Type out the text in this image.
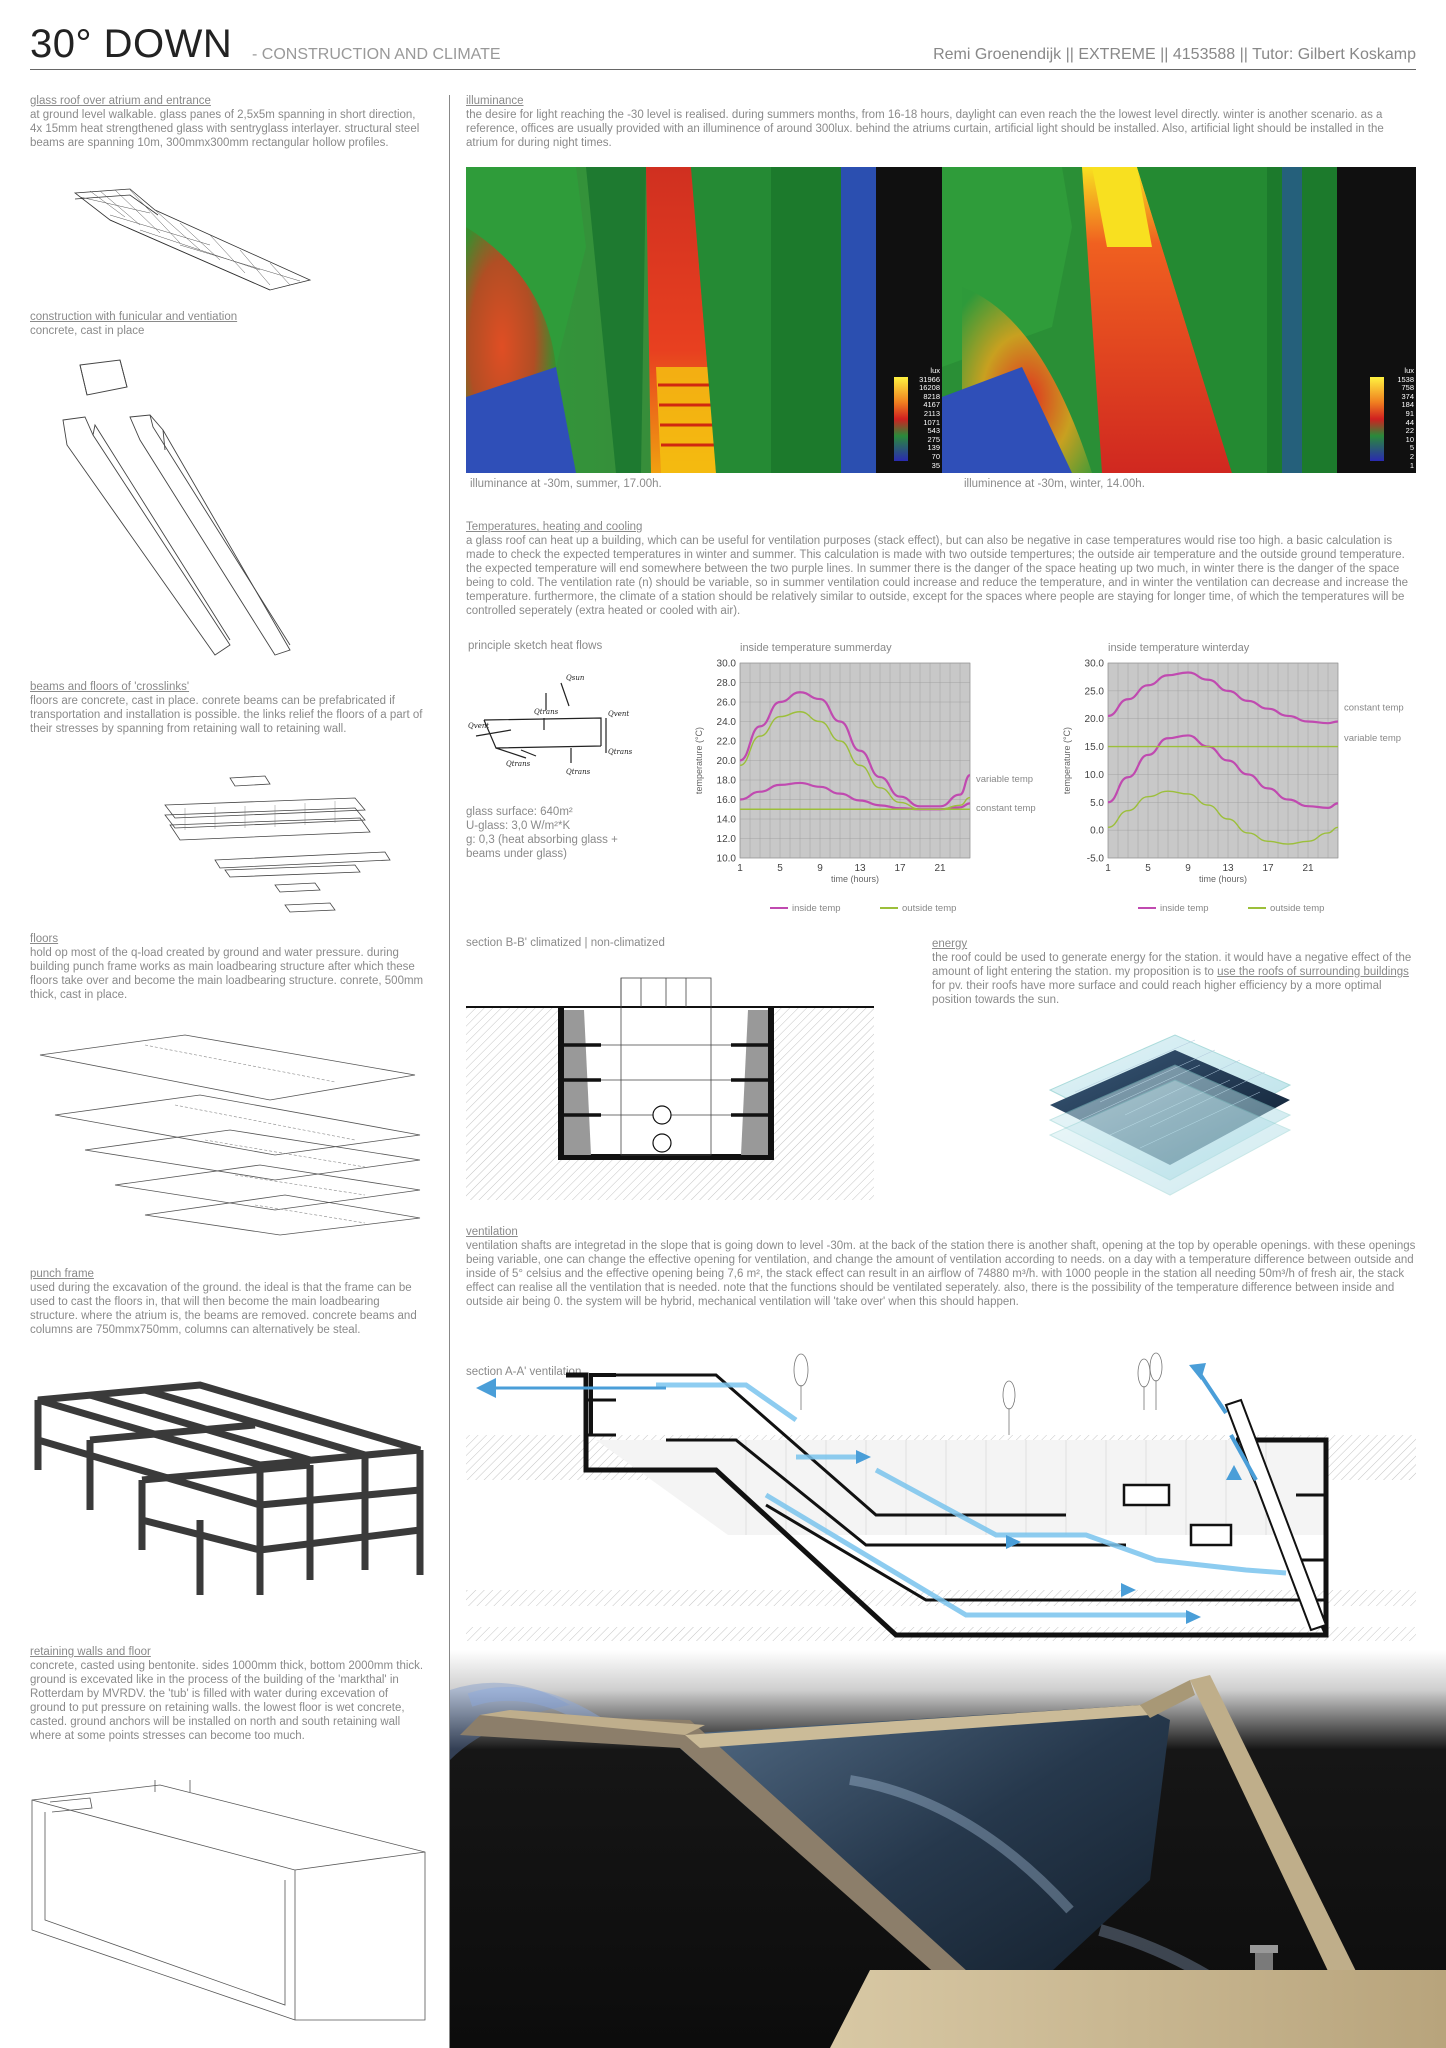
30° DOWN - CONSTRUCTION AND CLIMATE	Remi Groenendijk || EXTREME || 4153588 || Tutor: Gilbert Koskamp
glass roof over atrium and entrance
at ground level walkable. glass panes of 2,5x5m spanning in short direction, 4x 15mm heat strengthened glass with sentryglass interlayer. structural steel beams are spanning 10m, 300mmx300mm rectangular hollow profiles.
construction with funicular and ventiation
concrete, cast in place
beams and floors of 'crosslinks'
floors are concrete, cast in place. conrete beams can be prefabricated if transportation and installation is possible. the links relief the floors of a part of their stresses by spanning from retaining wall to retaining wall.
floors
hold op most of the q-load created by ground and water pressure. during building punch frame works as main loadbearing structure after which these floors take over and become the main loadbearing structure. conrete, 500mm thick, cast in place.
punch frame
used during the excavation of the ground. the ideal is that the frame can be used to cast the floors in, that will then become the main loadbearing structure. where the atrium is, the beams are removed. concrete beams and columns are 750mmx750mm, columns can alternatively be steal.
retaining walls and floor
concrete, casted using bentonite. sides 1000mm thick, bottom 2000mm thick. ground is excevated like in the process of the building of the 'markthal' in Rotterdam by MVRDV. the 'tub' is filled with water during excevation of ground to put pressure on retaining walls. the lowest floor is wet concrete, casted. ground anchors will be installed on north and south retaining wall where at some points stresses can become too much.
illuminance
the desire for light reaching the -30 level is realised. during summers months, from 16-18 hours, daylight can even reach the the lowest level directly. winter is another scenario. as a reference, offices are usually provided with an illuminence of around 300lux. behind the atriums curtain, artificial light should be installed. Also, artificial light should be installed in the atrium for during night times.
lux
31966
16208
8218
4167
2113
1071
543
275
139
70
35
lux
1538
758
374
184
91
44
22
10
5
2
1
illuminance at -30m, summer, 17.00h.	illuminence at -30m, winter, 14.00h.
Temperatures, heating and cooling
a glass roof can heat up a building, which can be useful for ventilation purposes (stack effect), but can also be negative in case temperatures would rise too high. a basic calculation is made to check the expected temperatures in winter and summer. This calculation is made with two outside tempertures; the outside air temperature and the outside ground temperature. the expected temperature will end somewhere between the two purple lines. In summer there is the danger of the space heating up two much, in winter there is the danger of the space being to cold. The ventilation rate (n) should be variable, so in summer ventilation could increase and reduce the temperature, and in winter the ventilation can decrease and increase the temperature. furthermore, the climate of a station should be relatively similar to outside, except for the spaces where people are staying for longer time, of which the temperatures will be controlled seperately (extra heated or cooled with air).
principle sketch heat flows
Qsun
Qtrans	Qvent
Qvent
Qtrans
Qtrans
Qtrans
glass surface: 640m²
U-glass: 3,0 W/m²*K
g: 0,3 (heat absorbing glass +
beams under glass)
inside temperature summerday
30.0
28.0
26.0
24.0
22.0
20.0
18.0
16.0
14.0
12.0
10.0
1	5	9	13	17	21
time (hours)
temperature (°C)	variable temp
constant temp
inside temp	outside temp
inside temperature winterday
30.0
25.0
20.0
15.0
10.0
5.0
0.0
-5.0
1	5	9	13	17	21
time (hours)
temperature (°C)
constant temp
variable temp
inside temp	outside temp
section B-B' climatized | non-climatized	energy
the roof could be used to generate energy for the station. it would have a negative effect of the amount of light entering the station. my proposition is to use the roofs of surrounding buildings for pv. their roofs have more surface and could reach higher efficiency by a more optimal position towards the sun.
ventilation
ventilation shafts are integretad in the slope that is going down to level -30m. at the back of the station there is another shaft, opening at the top by operable openings. with these openings being variable, one can change the effective opening for ventilation, and change the amount of ventilation according to needs. on a day with a temperature difference between outside and inside of 5° celsius and the effective opening being 7,6 m², the stack effect can result in an airflow of 74880 m³/h. with 1000 people in the station all needing 50m³/h of fresh air, the stack effect can realise all the ventilation that is needed. note that the functions should be ventilated seperately. also, there is the possibility of the temperature difference between inside and outside air being 0. the system will be hybrid, mechanical ventilation will 'take over' when this should happen.
section A-A' ventilation
